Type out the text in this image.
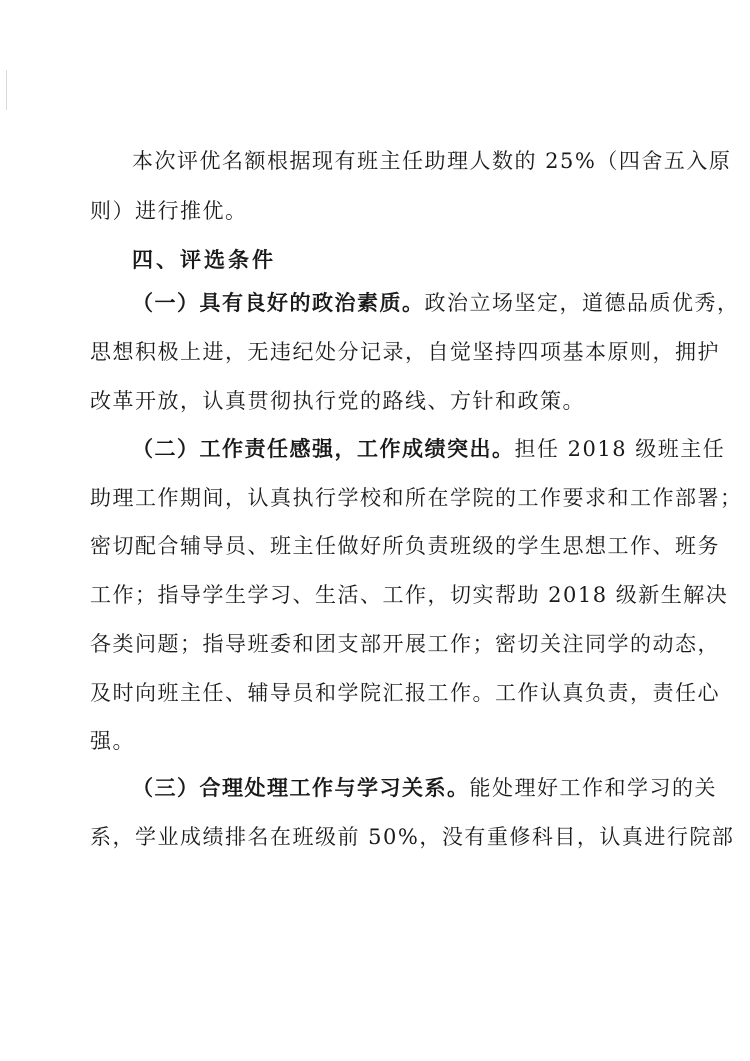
本次评优名额根据现有班主任助理人数的 25%（四舍五入原
则）进行推优。
四、评选条件
（一）具有良好的政治素质。政治立场坚定，道德品质优秀，
思想积极上进，无违纪处分记录，自觉坚持四项基本原则，拥护
改革开放，认真贯彻执行党的路线、方针和政策。
（二）工作责任感强，工作成绩突出。担任 2018 级班主任
助理工作期间，认真执行学校和所在学院的工作要求和工作部署；
密切配合辅导员、班主任做好所负责班级的学生思想工作、班务
工作；指导学生学习、生活、工作，切实帮助 2018 级新生解决
各类问题；指导班委和团支部开展工作；密切关注同学的动态，
及时向班主任、辅导员和学院汇报工作。工作认真负责，责任心
强。
（三）合理处理工作与学习关系。能处理好工作和学习的关
系，学业成绩排名在班级前 50%，没有重修科目，认真进行院部
